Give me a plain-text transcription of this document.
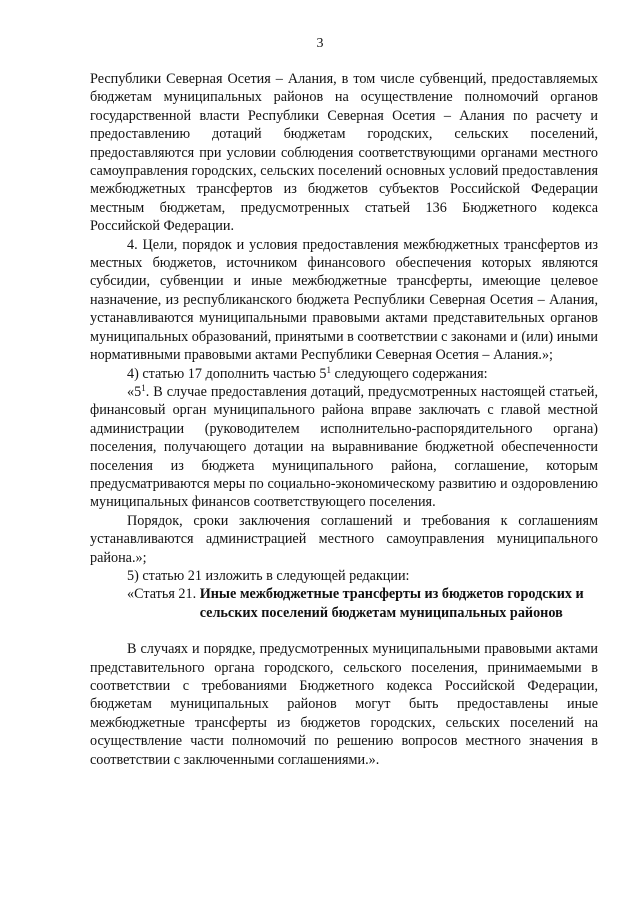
3

Республики Северная Осетия – Алания, в том числе субвенций, предоставляемых бюджетам муниципальных районов на осуществление полномочий органов государственной власти Республики Северная Осетия – Алания по расчету и предоставлению дотаций бюджетам городских, сельских поселений, предоставляются при условии соблюдения соответствующими органами местного самоуправления городских, сельских поселений основных условий предоставления межбюджетных трансфертов из бюджетов субъектов Российской Федерации местным бюджетам, предусмотренных статьей 136 Бюджетного кодекса Российской Федерации.

4. Цели, порядок и условия предоставления межбюджетных трансфертов из местных бюджетов, источником финансового обеспечения которых являются субсидии, субвенции и иные межбюджетные трансферты, имеющие целевое назначение, из республиканского бюджета Республики Северная Осетия – Алания, устанавливаются муниципальными правовыми актами представительных органов муниципальных образований, принятыми в соответствии с законами и (или) иными нормативными правовыми актами Республики Северная Осетия – Алания.»;

4) статью 17 дополнить частью $5^1$ следующего содержания:

«$5^1$. В случае предоставления дотаций, предусмотренных настоящей статьей, финансовый орган муниципального района вправе заключать с главой местной администрации (руководителем исполнительно-распорядительного органа) поселения, получающего дотации на выравнивание бюджетной обеспеченности поселения из бюджета муниципального района, соглашение, которым предусматриваются меры по социально-экономическому развитию и оздоровлению муниципальных финансов соответствующего поселения.

Порядок, сроки заключения соглашений и требования к соглашениям устанавливаются администрацией местного самоуправления муниципального района.»;

5) статью 21 изложить в следующей редакции:

«Статья 21. Иные межбюджетные трансферты из бюджетов городских и сельских поселений бюджетам муниципальных районов

В случаях и порядке, предусмотренных муниципальными правовыми актами представительного органа городского, сельского поселения, принимаемыми в соответствии с требованиями Бюджетного кодекса Российской Федерации, бюджетам муниципальных районов могут быть предоставлены иные межбюджетные трансферты из бюджетов городских, сельских поселений на осуществление части полномочий по решению вопросов местного значения в соответствии с заключенными соглашениями.».
